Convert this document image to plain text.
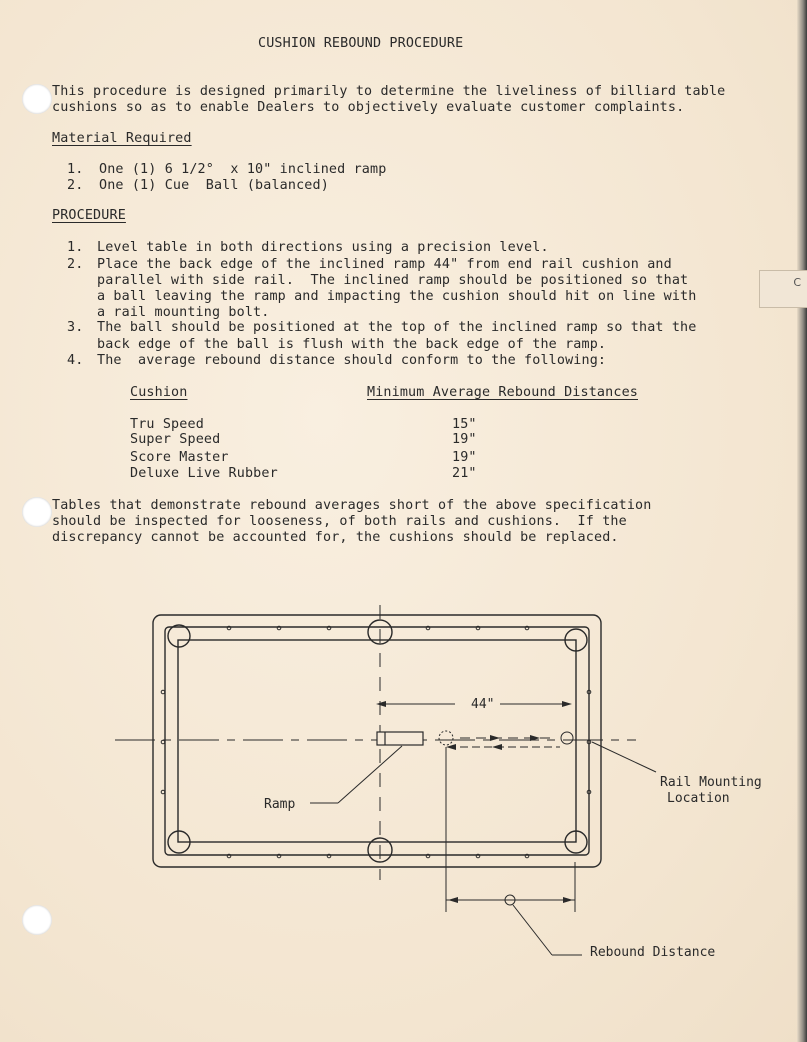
C
CUSHION REBOUND PROCEDURE
This procedure is designed primarily to determine the liveliness of billiard table
cushions so as to enable Dealers to objectively evaluate customer complaints.
Material Required
1. One (1) 6 1/2°  x 10" inclined ramp
2. One (1) Cue  Ball (balanced)
PROCEDURE
1. Level table in both directions using a precision level.
2. Place the back edge of the inclined ramp 44" from end rail cushion and
parallel with side rail.  The inclined ramp should be positioned so that
a ball leaving the ramp and impacting the cushion should hit on line with
a rail mounting bolt.
3. The ball should be positioned at the top of the inclined ramp so that the
back edge of the ball is flush with the back edge of the ramp.
4. The  average rebound distance should conform to the following:
Cushion	Minimum Average Rebound Distances
Tru Speed	15"
Super Speed	19"
Score Master	19"
Deluxe Live Rubber	21"
Tables that demonstrate rebound averages short of the above specification
should be inspected for looseness, of both rails and cushions.  If the
discrepancy cannot be accounted for, the cushions should be replaced.
44"
Ramp
Rail Mounting
Location
Rebound Distance
